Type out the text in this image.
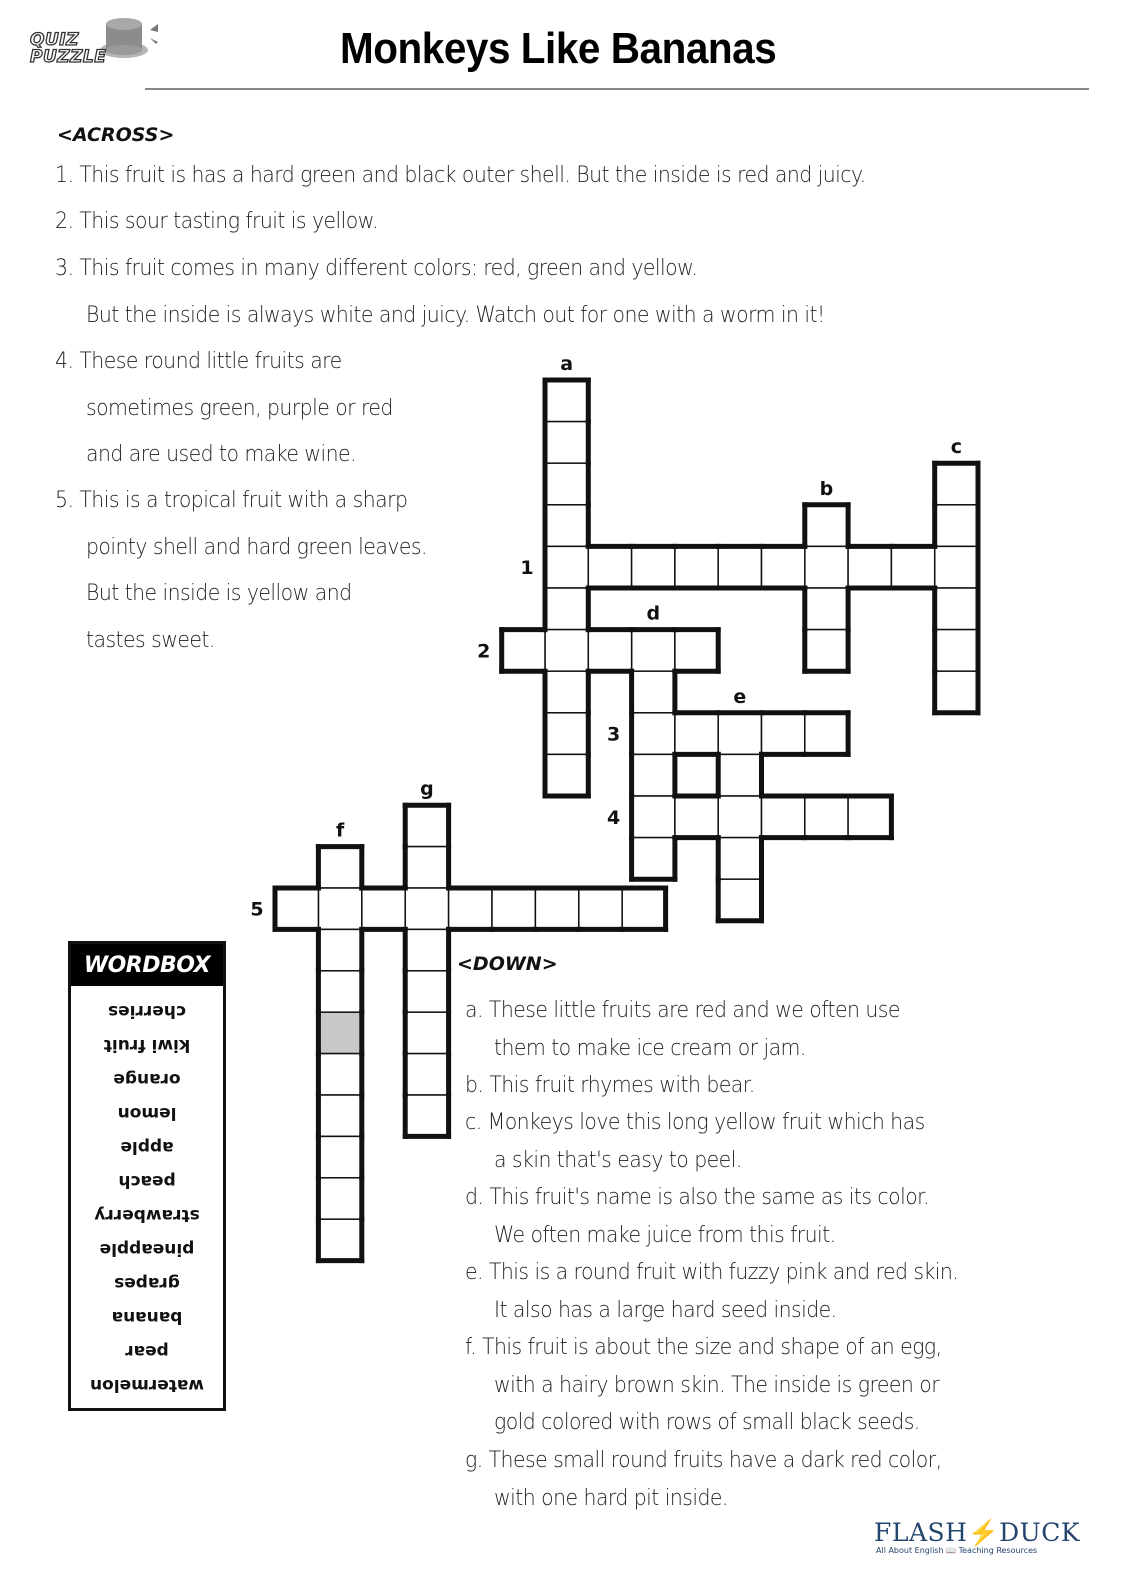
QUIZ
PUZZLE	Monkeys Like Bananas
<ACROSS>
1. This fruit is has a hard green and black outer shell. But the inside is red and juicy.
2. This sour tasting fruit is yellow.
3. This fruit comes in many different colors: red, green and yellow.
But the inside is always white and juicy. Watch out for one with a worm in it!
4. These round little fruits are
sometimes green, purple or red
and are used to make wine.
5. This is a tropical fruit with a sharp
pointy shell and hard green leaves.
But the inside is yellow and
tastes sweet.
<DOWN>
a. These little fruits are red and we often use
them to make ice cream or jam.
b. This fruit rhymes with bear.
c. Monkeys love this long yellow fruit which has
a skin that's easy to peel.
d. This fruit's name is also the same as its color.
We often make juice from this fruit.
e. This is a round fruit with fuzzy pink and red skin.
It also has a large hard seed inside.
f. This fruit is about the size and shape of an egg,
with a hairy brown skin. The inside is green or
gold colored with rows of small black seeds.
g. These small round fruits have a dark red color,
with one hard pit inside.
a
b
c
d
e
1
2
3
4
f
g
5
WORDBOX
watermelon
pear
banana
grapes
pineapple
strawberry
peach
apple
lemon
orange
kiwi fruit
cherries
FLASH⚡DUCK
All About English 📖 Teaching Resources
